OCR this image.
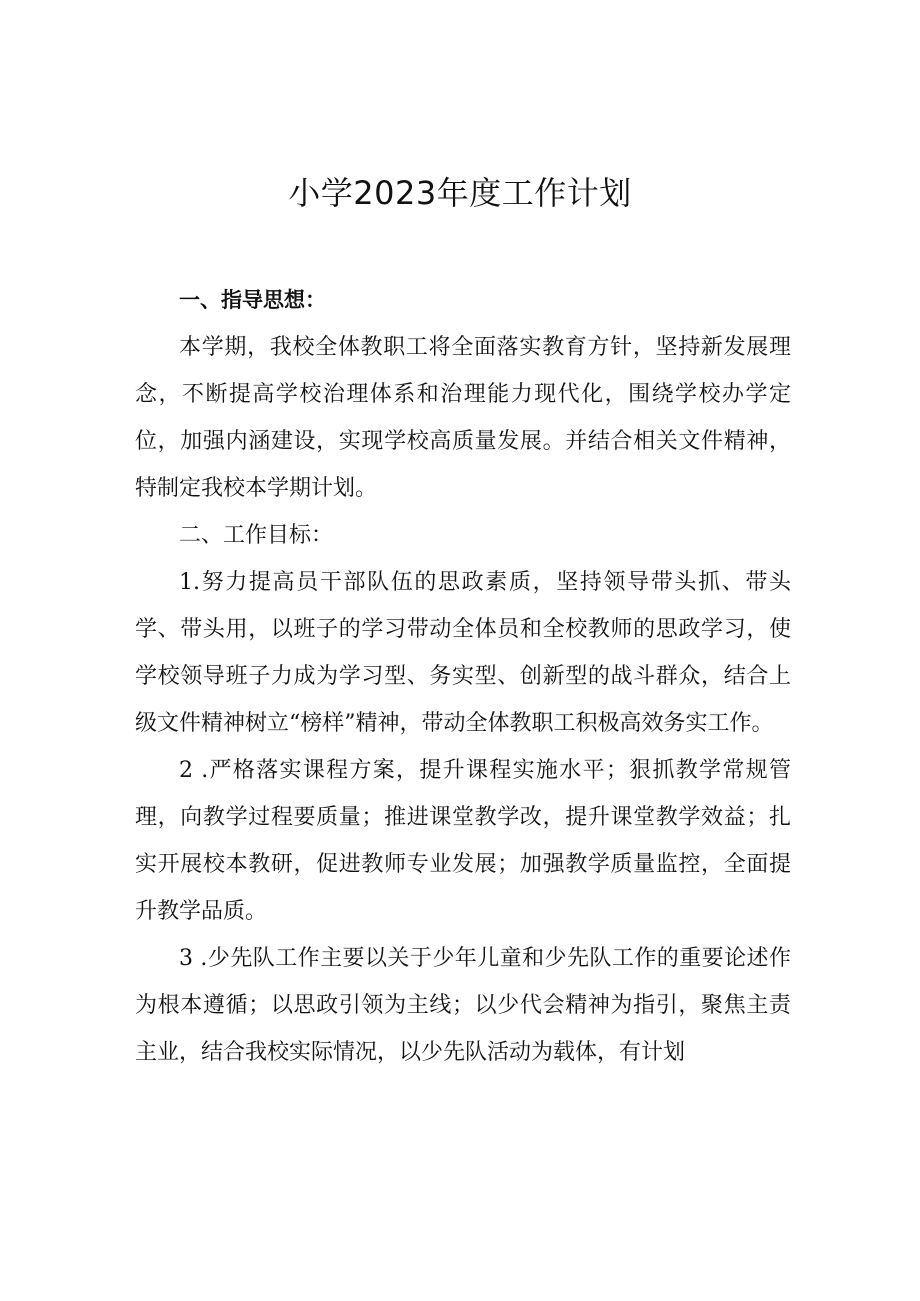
小学2023年度工作计划

一、指导思想：

本学期，我校全体教职工将全面落实教育方针，坚持新发展理念，不断提高学校治理体系和治理能力现代化，围绕学校办学定位，加强内涵建设，实现学校高质量发展。并结合相关文件精神，特制定我校本学期计划。

二、工作目标：

1.努力提高员干部队伍的思政素质，坚持领导带头抓、带头学、带头用，以班子的学习带动全体员和全校教师的思政学习，使学校领导班子力成为学习型、务实型、创新型的战斗群众，结合上级文件精神树立“榜样”精神，带动全体教职工积极高效务实工作。

2 .严格落实课程方案，提升课程实施水平；狠抓教学常规管理，向教学过程要质量；推进课堂教学改，提升课堂教学效益；扎实开展校本教研，促进教师专业发展；加强教学质量监控，全面提升教学品质。

3 .少先队工作主要以关于少年儿童和少先队工作的重要论述作为根本遵循；以思政引领为主线；以少代会精神为指引，聚焦主责主业，结合我校实际情况，以少先队活动为载体，有计划
